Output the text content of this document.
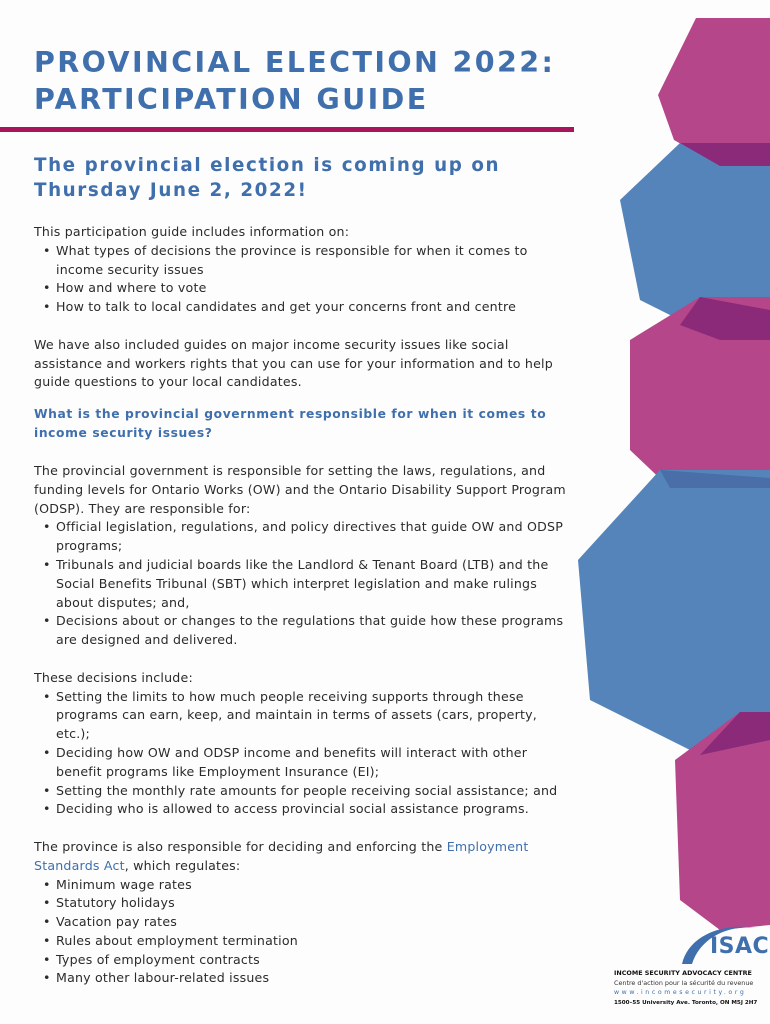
PROVINCIAL ELECTION 2022:
PARTICIPATION GUIDE
The provincial election is coming up on Thursday June 2, 2022!

This participation guide includes information on:

• What types of decisions the province is responsible for when it comes to income security issues
• How and where to vote
• How to talk to local candidates and get your concerns front and centre

We have also included guides on major income security issues like social assistance and workers rights that you can use for your information and to help guide questions to your local candidates.

What is the provincial government responsible for when it comes to income security issues?

The provincial government is responsible for setting the laws, regulations, and funding levels for Ontario Works (OW) and the Ontario Disability Support Program (ODSP). They are responsible for:

• Official legislation, regulations, and policy directives that guide OW and ODSP programs;
• Tribunals and judicial boards like the Landlord & Tenant Board (LTB) and the Social Benefits Tribunal (SBT) which interpret legislation and make rulings about disputes; and,
• Decisions about or changes to the regulations that guide how these programs are designed and delivered.

These decisions include:

• Setting the limits to how much people receiving supports through these programs can earn, keep, and maintain in terms of assets (cars, property, etc.);
• Deciding how OW and ODSP income and benefits will interact with other benefit programs like Employment Insurance (EI);
• Setting the monthly rate amounts for people receiving social assistance; and
• Deciding who is allowed to access provincial social assistance programs.

The province is also responsible for deciding and enforcing the Employment Standards Act, which regulates:

• Minimum wage rates
• Statutory holidays
• Vacation pay rates
• Rules about employment termination
• Types of employment contracts
• Many other labour-related issues
ISAC
INCOME SECURITY ADVOCACY CENTRE
Centre d'action pour la sécurité du revenue
www.incomesecurity.org
1500–55 University Ave. Toronto, ON M5J 2H7
